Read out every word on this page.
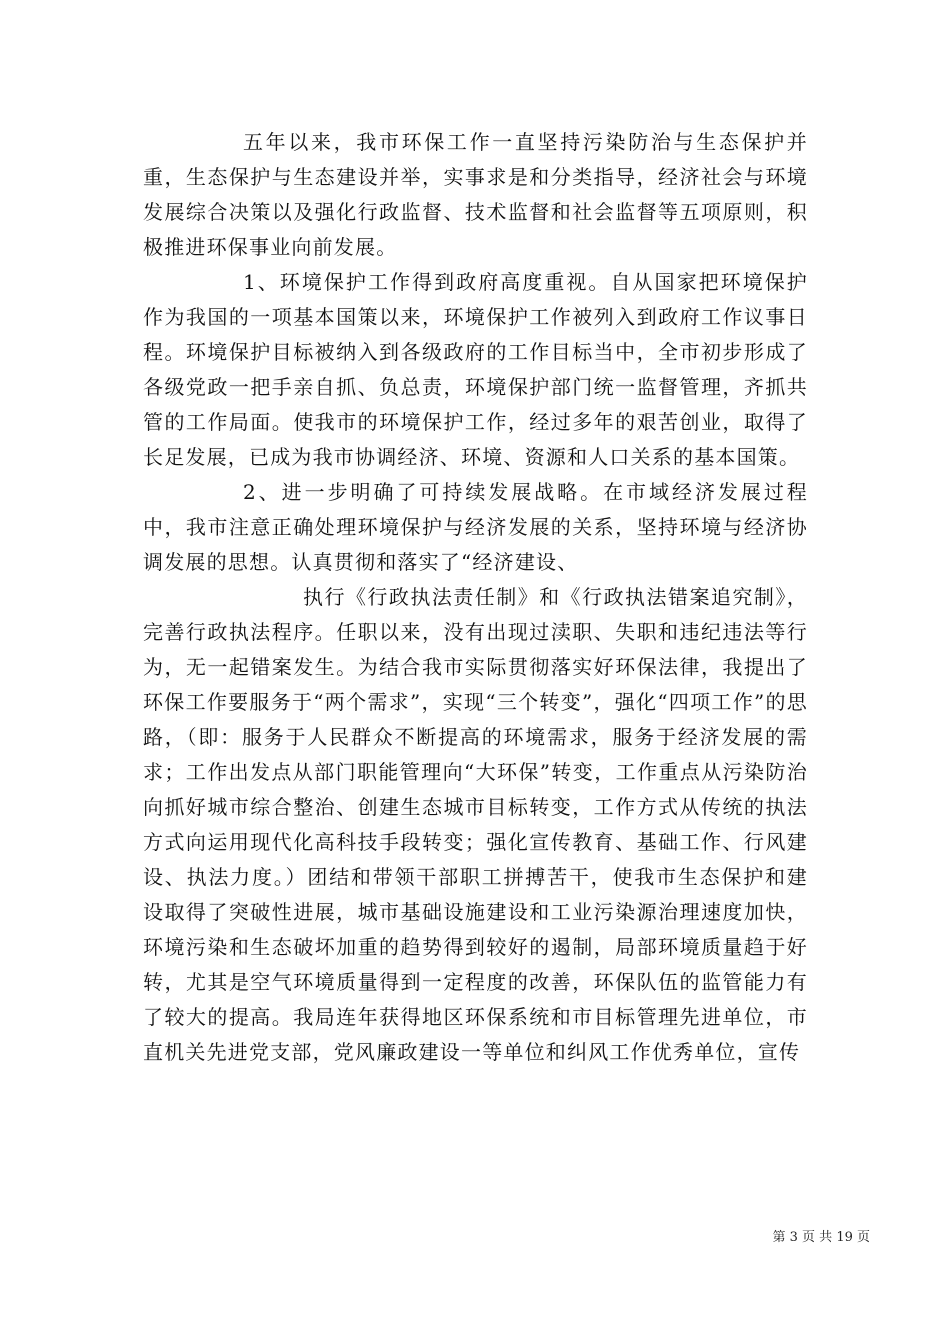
五年以来，我市环保工作一直坚持污染防治与生态保护并重，生态保护与生态建设并举，实事求是和分类指导，经济社会与环境发展综合决策以及强化行政监督、技术监督和社会监督等五项原则，积极推进环保事业向前发展。

1、环境保护工作得到政府高度重视。自从国家把环境保护作为我国的一项基本国策以来，环境保护工作被列入到政府工作议事日程。环境保护目标被纳入到各级政府的工作目标当中，全市初步形成了各级党政一把手亲自抓、负总责，环境保护部门统一监督管理，齐抓共管的工作局面。使我市的环境保护工作，经过多年的艰苦创业，取得了长足发展，已成为我市协调经济、环境、资源和人口关系的基本国策。

2、进一步明确了可持续发展战略。在市域经济发展过程中，我市注意正确处理环境保护与经济发展的关系，坚持环境与经济协调发展的思想。认真贯彻和落实了“经济建设、

执行《行政执法责任制》和《行政执法错案追究制》，完善行政执法程序。任职以来，没有出现过渎职、失职和违纪违法等行为，无一起错案发生。为结合我市实际贯彻落实好环保法律，我提出了环保工作要服务于“两个需求”，实现“三个转变”，强化“四项工作”的思路，（即：服务于人民群众不断提高的环境需求，服务于经济发展的需求；工作出发点从部门职能管理向“大环保”转变，工作重点从污染防治向抓好城市综合整治、创建生态城市目标转变，工作方式从传统的执法方式向运用现代化高科技手段转变；强化宣传教育、基础工作、行风建设、执法力度。）团结和带领干部职工拼搏苦干，使我市生态保护和建设取得了突破性进展，城市基础设施建设和工业污染源治理速度加快，环境污染和生态破坏加重的趋势得到较好的遏制，局部环境质量趋于好转，尤其是空气环境质量得到一定程度的改善，环保队伍的监管能力有了较大的提高。我局连年获得地区环保系统和市目标管理先进单位，市直机关先进党支部，党风廉政建设一等单位和纠风工作优秀单位，宣传

第 3 页 共 19 页
